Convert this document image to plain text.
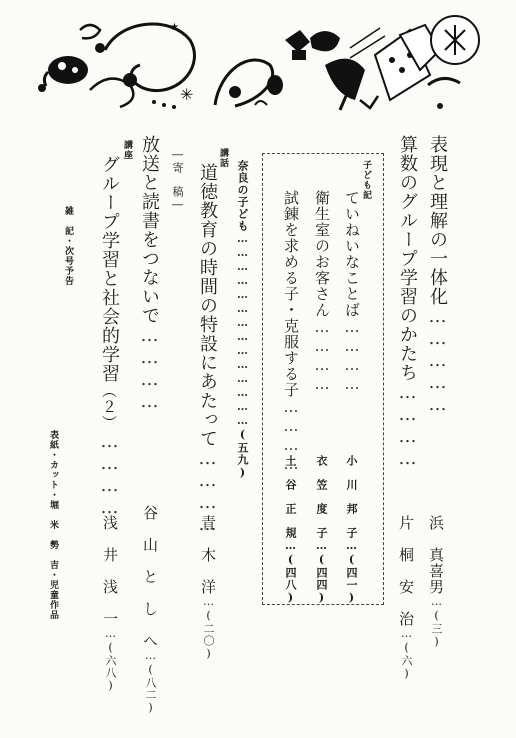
✳
★
表現と理解の一体化……………
浜　真喜男…(三)
算数のグループ学習のかたち…………
片　桐　安　治…(六)
子ども記
ていねいなことば…………
小　川　邦　子…(四一)
衛生室のお客さん…………
衣　笠　度　子…(四四)
試錬を求める子・克服する子…………
土　谷　正　規…(四八)
奈良の子ども……………………………………(五九)
講話
道徳教育の時間の特設にあたって…………
青　木　洋…(二〇)
―寄　稿―
放送と読書をつないで…………
谷　山　と　し　へ…(八二)
講座
グループ学習と社会的学習（２）…………
浅　井　浅　一…(六八)
雑　記・次号予告
表紙・カット・堀　米　勢　吉・児童作品
